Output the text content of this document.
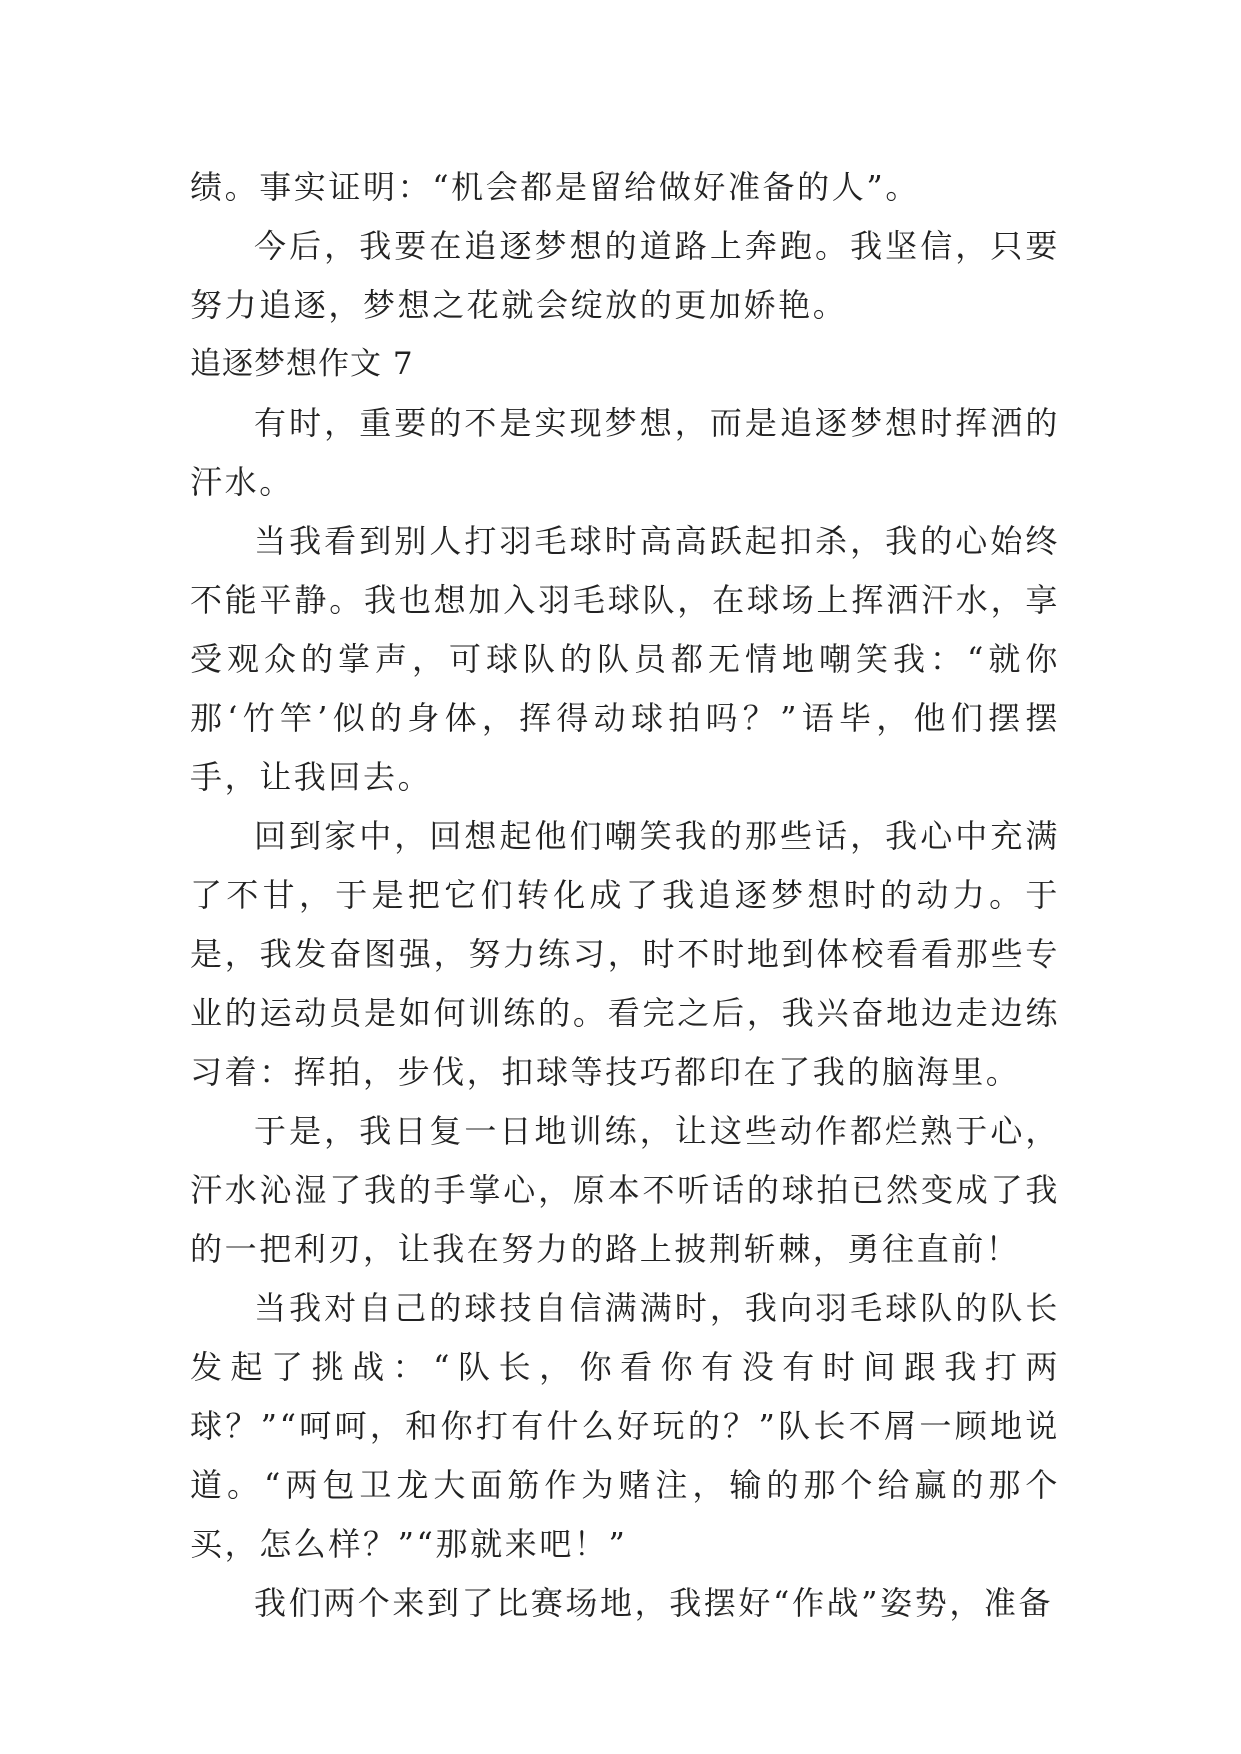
绩。事实证明：“机会都是留给做好准备的人”。

今后，我要在追逐梦想的道路上奔跑。我坚信，只要努力追逐，梦想之花就会绽放的更加娇艳。

追逐梦想作文 7

有时，重要的不是实现梦想，而是追逐梦想时挥洒的汗水。

当我看到别人打羽毛球时高高跃起扣杀，我的心始终不能平静。我也想加入羽毛球队，在球场上挥洒汗水，享受观众的掌声，可球队的队员都无情地嘲笑我：“就你那‘竹竿’似的身体，挥得动球拍吗？”语毕，他们摆摆手，让我回去。

回到家中，回想起他们嘲笑我的那些话，我心中充满了不甘，于是把它们转化成了我追逐梦想时的动力。于是，我发奋图强，努力练习，时不时地到体校看看那些专业的运动员是如何训练的。看完之后，我兴奋地边走边练习着：挥拍，步伐，扣球等技巧都印在了我的脑海里。

于是，我日复一日地训练，让这些动作都烂熟于心，汗水沁湿了我的手掌心，原本不听话的球拍已然变成了我的一把利刃，让我在努力的路上披荆斩棘，勇往直前！

当我对自己的球技自信满满时，我向羽毛球队的队长发起了挑战：“队长，你看你有没有时间跟我打两球？”“呵呵，和你打有什么好玩的？”队长不屑一顾地说道。“两包卫龙大面筋作为赌注，输的那个给赢的那个买，怎么样？”“那就来吧！”

我们两个来到了比赛场地，我摆好“作战”姿势，准备
